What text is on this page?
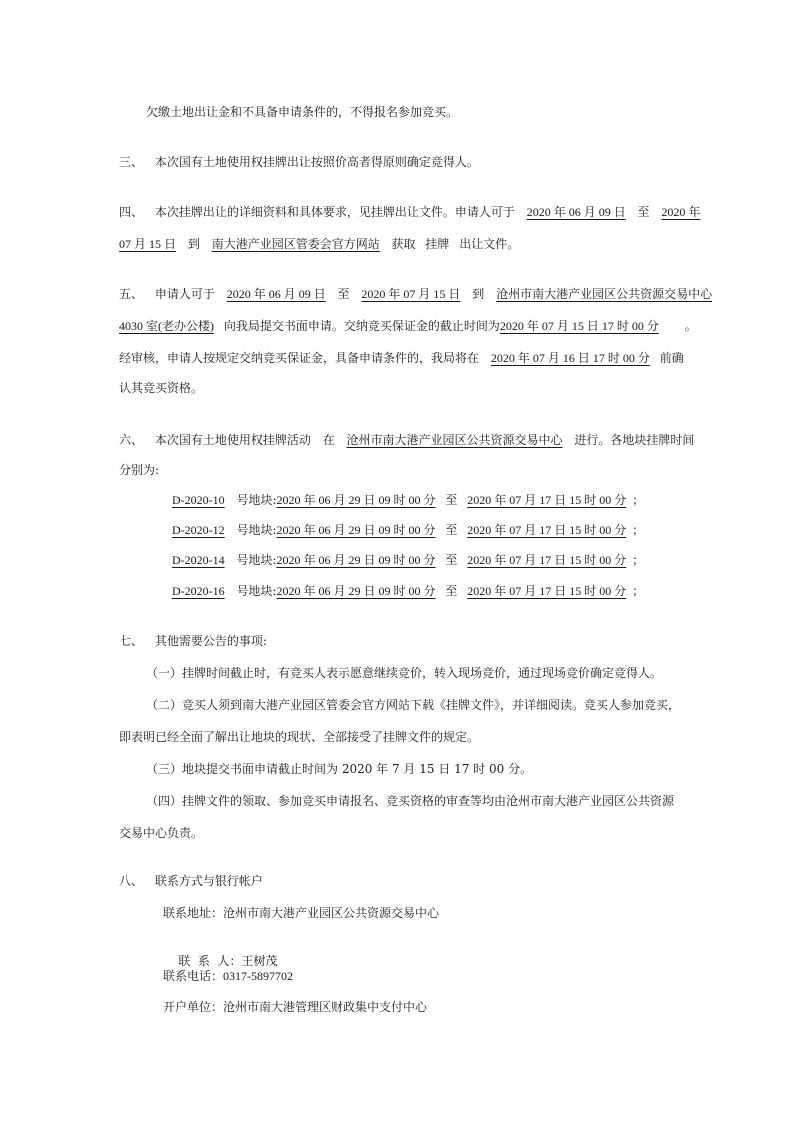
欠缴土地出让金和不具备申请条件的，不得报名参加竞买。
三、 本次国有土地使用权挂牌出让按照价高者得原则确定竞得人。
四、 本次挂牌出让的详细资料和具体要求，见挂牌出让文件。申请人可于 2020 年 06 月 09 日 至 2020 年
07 月 15 日 到 南大港产业园区管委会官方网站 获取 挂牌 出让文件。
五、 申请人可于 2020 年 06 月 09 日 至 2020 年 07 月 15 日 到 沧州市南大港产业园区公共资源交易中心
4030 室(老办公楼) 向我局提交书面申请。交纳竞买保证金的截止时间为2020 年 07 月 15 日 17 时 00 分 。
经审核，申请人按规定交纳竞买保证金，具备申请条件的，我局将在 2020 年 07 月 16 日 17 时 00 分 前确
认其竞买资格。
六、 本次国有土地使用权挂牌活动 在 沧州市南大港产业园区公共资源交易中心 进行。各地块挂牌时间
分别为:
D-2020-10 号地块:2020 年 06 月 29 日 09 时 00 分 至 2020 年 07 月 17 日 15 时 00 分 ；
D-2020-12 号地块:2020 年 06 月 29 日 09 时 00 分 至 2020 年 07 月 17 日 15 时 00 分 ；
D-2020-14 号地块:2020 年 06 月 29 日 09 时 00 分 至 2020 年 07 月 17 日 15 时 00 分 ；
D-2020-16 号地块:2020 年 06 月 29 日 09 时 00 分 至 2020 年 07 月 17 日 15 时 00 分 ；
七、 其他需要公告的事项:
（一）挂牌时间截止时，有竞买人表示愿意继续竞价，转入现场竞价，通过现场竞价确定竞得人。
（二）竞买人须到南大港产业园区管委会官方网站下载《挂牌文件》，并详细阅读。竞买人参加竞买，
即表明已经全面了解出让地块的现状、全部接受了挂牌文件的规定。
（三）地块提交书面申请截止时间为 2020 年 7 月 15 日 17 时 00 分。
（四）挂牌文件的领取、参加竞买申请报名、竞买资格的审查等均由沧州市南大港产业园区公共资源
交易中心负责。
八、 联系方式与银行帐户
联系地址：沧州市南大港产业园区公共资源交易中心

联  系  人：王树茂

联系电话：0317-5897702
开户单位：沧州市南大港管理区财政集中支付中心
